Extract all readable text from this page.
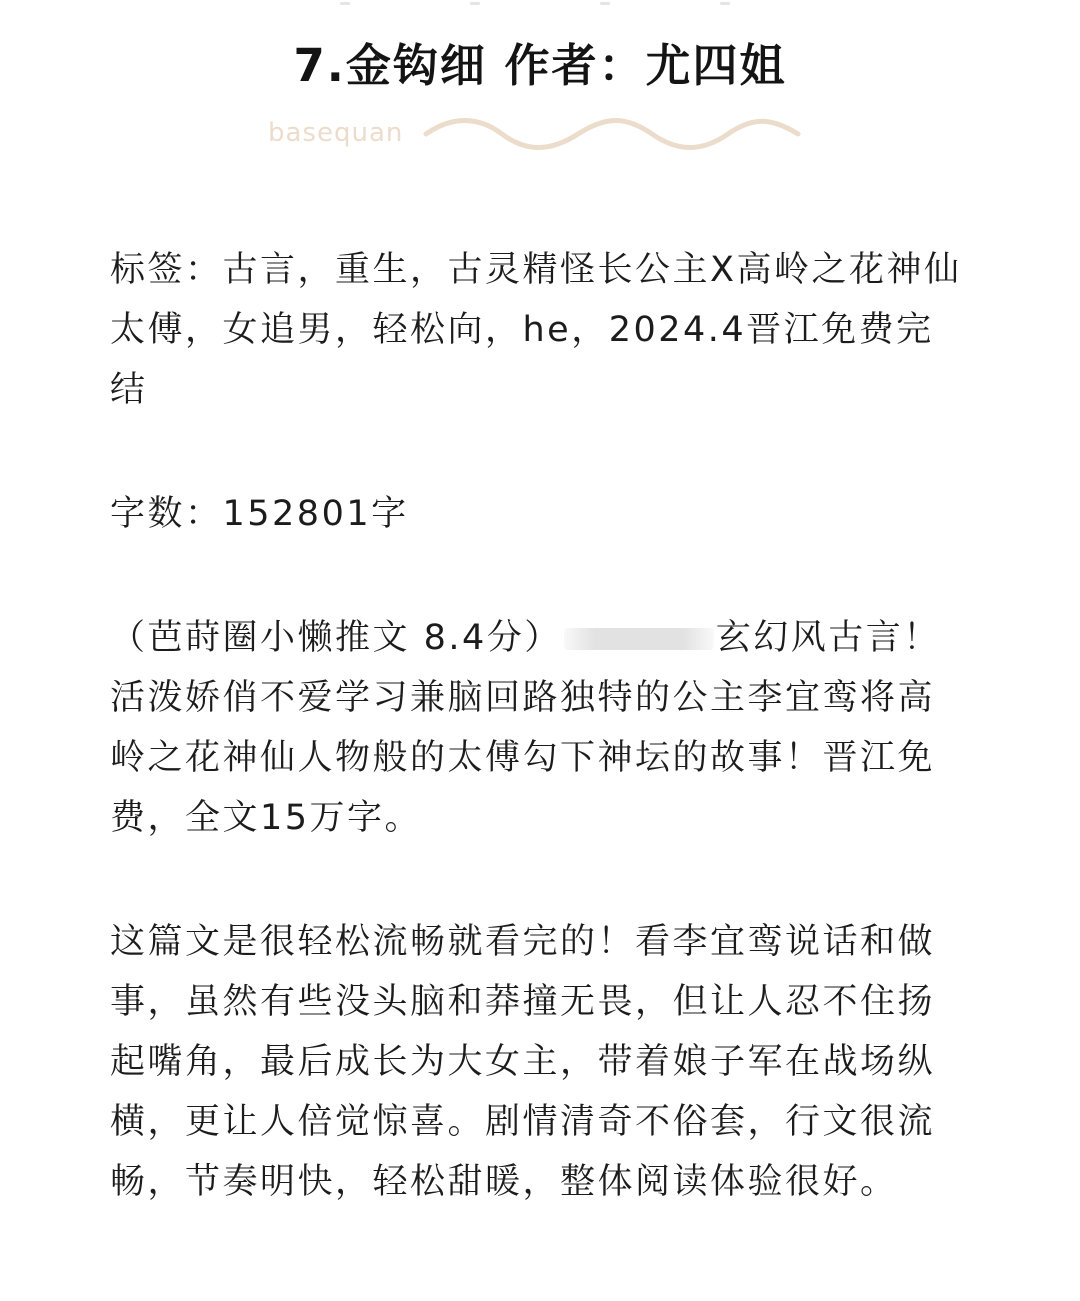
7.金钩细 作者：尤四姐
basequan

标签：古言，重生，古灵精怪长公主X高岭之花神仙太傅，女追男，轻松向，he，2024.4晋江免费完结

字数：152801字

（芭莳圈小懒推文 8.4分）	玄幻风古言！活泼娇俏不爱学习兼脑回路独特的公主李宜鸾将高岭之花神仙人物般的太傅勾下神坛的故事！晋江免费，全文15万字。

这篇文是很轻松流畅就看完的！看李宜鸾说话和做事，虽然有些没头脑和莽撞无畏，但让人忍不住扬起嘴角，最后成长为大女主，带着娘子军在战场纵横，更让人倍觉惊喜。剧情清奇不俗套，行文很流畅，节奏明快，轻松甜暖，整体阅读体验很好。
